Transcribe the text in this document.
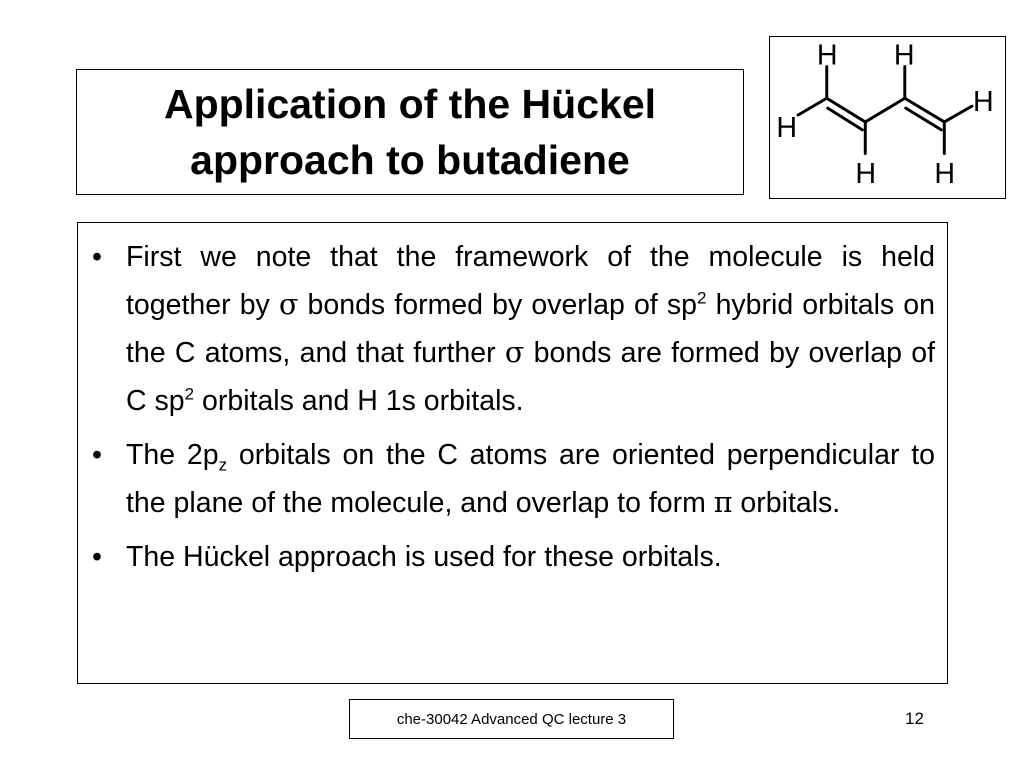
Application of the Hückel
approach to butadiene
H H
H
H
H H
• First we note that the framework of the molecule is held together by σ bonds formed by overlap of $sp^2$ hybrid orbitals on the C atoms, and that further σ bonds are formed by overlap of C $sp^2$ orbitals and H 1s orbitals.
• The $2p_z$ orbitals on the C atoms are oriented perpendicular to the plane of the molecule, and overlap to form π orbitals.
• The Hückel approach is used for these orbitals.
che-30042 Advanced QC lecture 3	12
